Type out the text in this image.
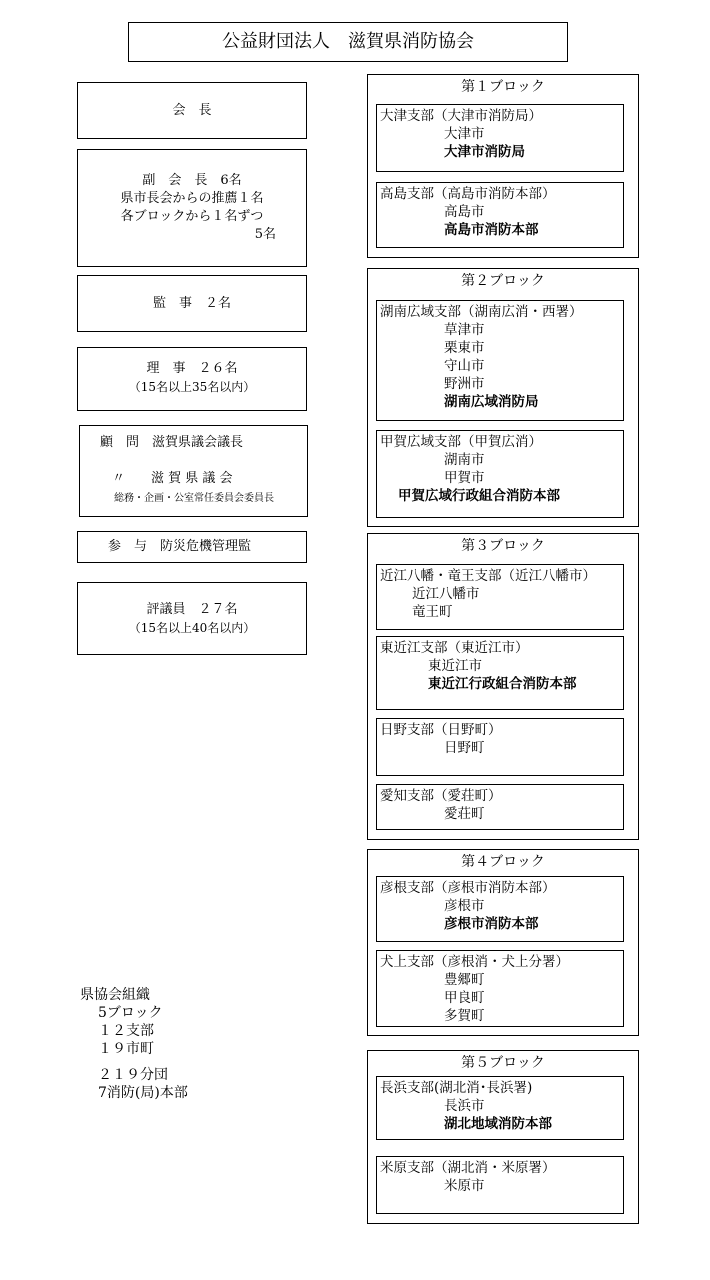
公益財団法人　滋賀県消防協会

会　長

副　会　長　6名

県市長会からの推薦１名

各ブロックから１名ずつ

5名

監　事　２名

理　事　２６名

（15名以上35名以内）

顧　問　滋賀県議会議長

〃　　滋 賀 県 議 会

総務・企画・公室常任委員会委員長

参　与　防災危機管理監

評議員　２７名

（15名以上40名以内）

県協会組織

5ブロック

１２支部

１９市町

２１９分団

7消防(局)本部

第１ブロック

大津支部（大津市消防局）

大津市

大津市消防局

高島支部（高島市消防本部）

高島市

高島市消防本部

第２ブロック

湖南広域支部（湖南広消・西署）

草津市

栗東市

守山市

野洲市

湖南広域消防局

甲賀広域支部（甲賀広消）

湖南市

甲賀市

甲賀広域行政組合消防本部

第３ブロック

近江八幡・竜王支部（近江八幡市）

近江八幡市

竜王町

東近江支部（東近江市）

東近江市

東近江行政組合消防本部

日野支部（日野町）

日野町

愛知支部（愛荘町）

愛荘町

第４ブロック

彦根支部（彦根市消防本部）

彦根市

彦根市消防本部

犬上支部（彦根消・犬上分署）

豊郷町

甲良町

多賀町

第５ブロック

長浜支部(湖北消･長浜署)

長浜市

湖北地域消防本部

米原支部（湖北消・米原署）

米原市
